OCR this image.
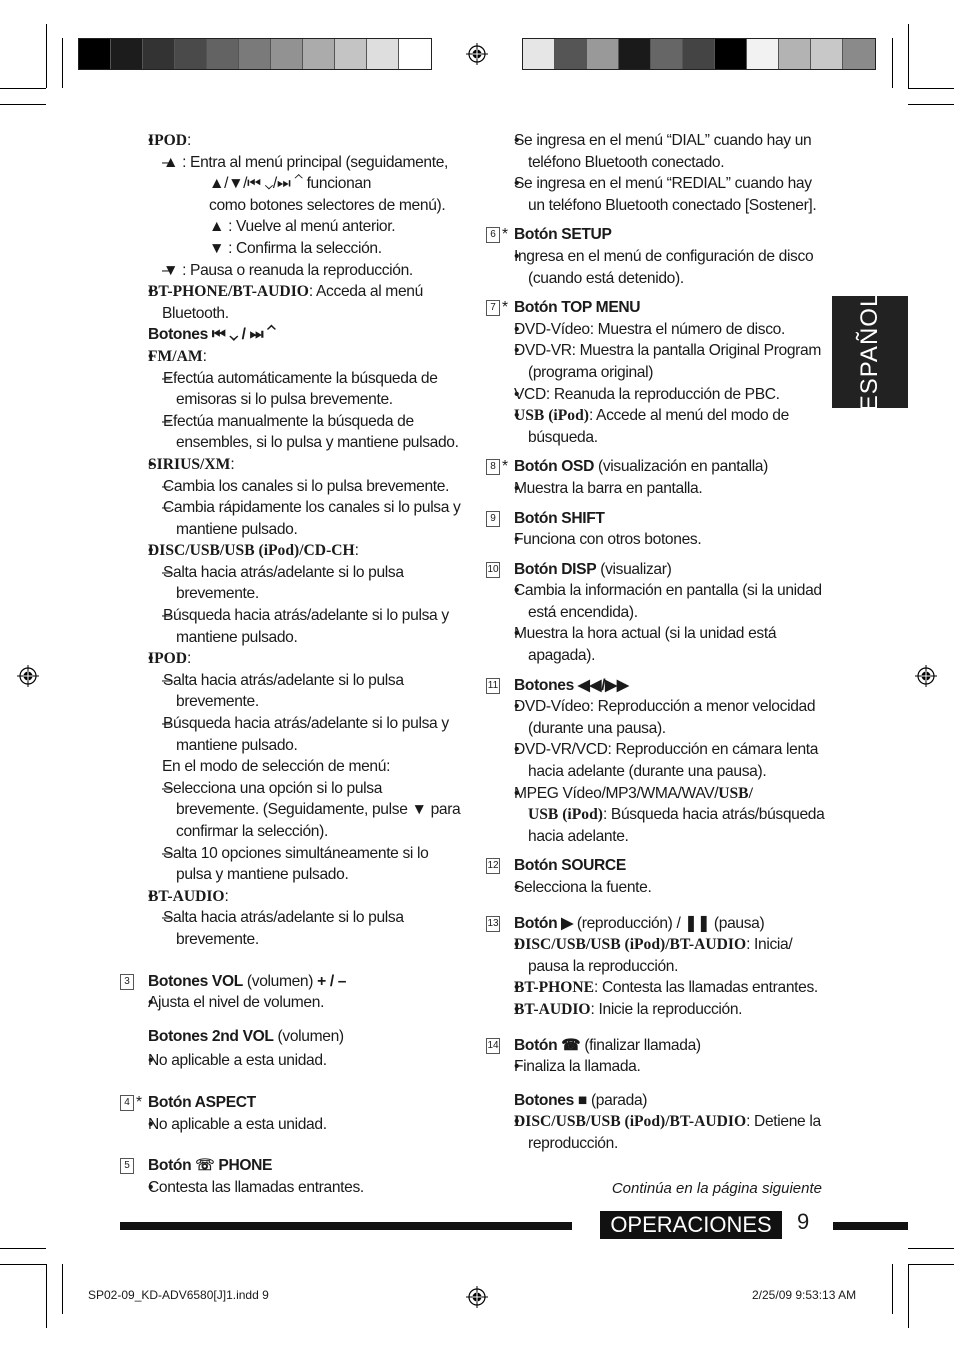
ESPAÑOL
• IPOD:
– ▲ : Entra al menú principal (seguidamente,
▲/▼/⏮ ⌄/⏭ ⌃ funcionan
como botones selectores de menú).
▲ : Vuelve al menú anterior.
▼ : Confirma la selección.
– ▼ : Pausa o reanuda la reproducción.
• BT-PHONE/BT-AUDIO: Acceda al menú
Bluetooth.
Botones ⏮ ⌄ / ⏭ ⌃
• FM/AM:
– Efectúa automáticamente la búsqueda de emisoras si lo pulsa brevemente.
– Efectúa manualmente la búsqueda de ensembles, si lo pulsa y mantiene pulsado.
• SIRIUS/XM:
– Cambia los canales si lo pulsa brevemente.
– Cambia rápidamente los canales si lo pulsa y mantiene pulsado.
• DISC/USB/USB (iPod)/CD-CH:
– Salta hacia atrás/adelante si lo pulsa brevemente.
– Búsqueda hacia atrás/adelante si lo pulsa y mantiene pulsado.
• IPOD:
– Salta hacia atrás/adelante si lo pulsa brevemente.
– Búsqueda hacia atrás/adelante si lo pulsa y mantiene pulsado.
En el modo de selección de menú:
– Selecciona una opción si lo pulsa brevemente. (Seguidamente, pulse ▼ para confirmar la selección).
– Salta 10 opciones simultáneamente si lo pulsa y mantiene pulsado.
• BT-AUDIO:
– Salta hacia atrás/adelante si lo pulsa brevemente.
3 Botones VOL (volumen) + / –
• Ajusta el nivel de volumen.
Botones 2nd VOL (volumen)
• No aplicable a esta unidad.
4 * Botón ASPECT
• No aplicable a esta unidad.
5 Botón ☏ PHONE
• Contesta las llamadas entrantes.
• Se ingresa en el menú “DIAL” cuando hay un teléfono Bluetooth conectado.
• Se ingresa en el menú “REDIAL” cuando hay un teléfono Bluetooth conectado [Sostener].
6 * Botón SETUP
• Ingresa en el menú de configuración de disco (cuando está detenido).
7 * Botón TOP MENU
• DVD-Vídeo: Muestra el número de disco.
• DVD-VR: Muestra la pantalla Original Program (programa original)
• VCD: Reanuda la reproducción de PBC.
• USB (iPod): Accede al menú del modo de búsqueda.
8 * Botón OSD (visualización en pantalla)
• Muestra la barra en pantalla.
9 Botón SHIFT
• Funciona con otros botones.
10 Botón DISP (visualizar)
• Cambia la información en pantalla (si la unidad está encendida).
• Muestra la hora actual (si la unidad está apagada).
11 Botones ◀◀/▶▶
• DVD-Vídeo: Reproducción a menor velocidad (durante una pausa).
• DVD-VR/VCD: Reproducción en cámara lenta hacia adelante (durante una pausa).
• MPEG Vídeo/MP3/WMA/WAV/USB/
USB (iPod): Búsqueda hacia atrás/búsqueda hacia adelante.
12 Botón SOURCE
• Selecciona la fuente.
13 Botón ▶ (reproducción) / ❚❚ (pausa)
• DISC/USB/USB (iPod)/BT-AUDIO: Inicia/ pausa la reproducción.
• BT-PHONE: Contesta las llamadas entrantes.
• BT-AUDIO: Inicie la reproducción.
14 Botón ☎ (finalizar llamada)
• Finaliza la llamada.
Botones ■ (parada)
• DISC/USB/USB (iPod)/BT-AUDIO: Detiene la reproducción.
Continúa en la página siguiente
OPERACIONES	9
SP02-09_KD-ADV6580[J]1.indd 9	2/25/09 9:53:13 AM
